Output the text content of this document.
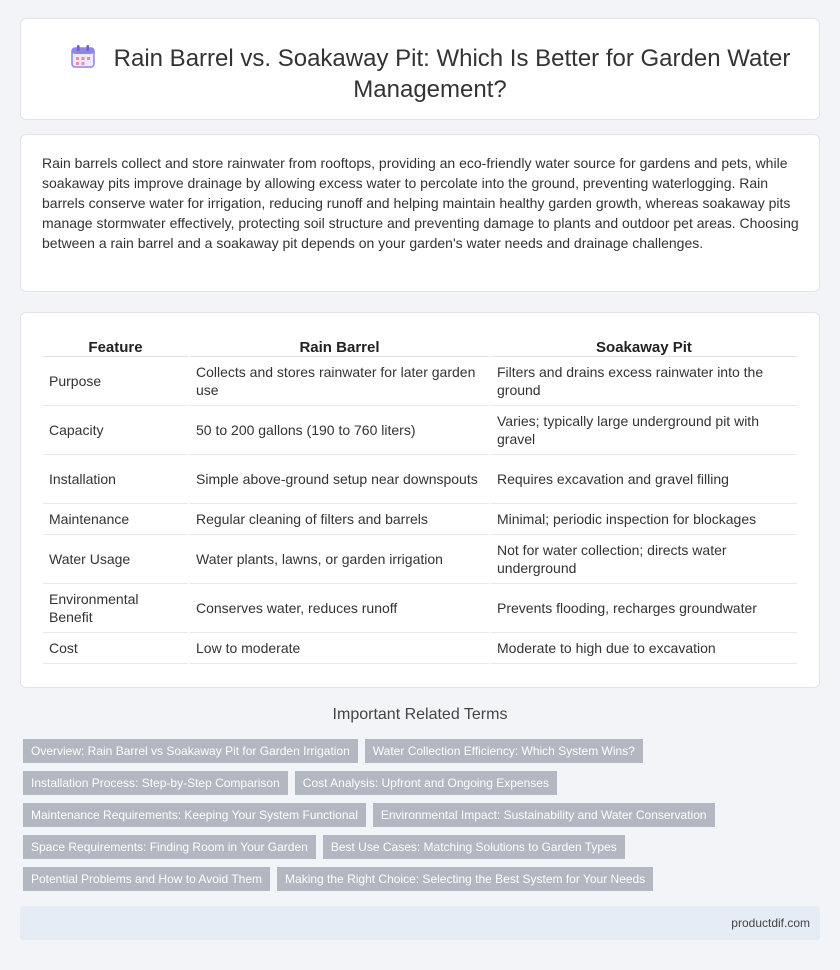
Rain Barrel vs. Soakaway Pit: Which Is Better for Garden Water Management?
Rain barrels collect and store rainwater from rooftops, providing an eco-friendly water source for gardens and pets, while soakaway pits improve drainage by allowing excess water to percolate into the ground, preventing waterlogging. Rain barrels conserve water for irrigation, reducing runoff and helping maintain healthy garden growth, whereas soakaway pits manage stormwater effectively, protecting soil structure and preventing damage to plants and outdoor pet areas. Choosing between a rain barrel and a soakaway pit depends on your garden's water needs and drainage challenges.
Feature	Rain Barrel	Soakaway Pit
Purpose	Collects and stores rainwater for later garden use	Filters and drains excess rainwater into the ground
Capacity	50 to 200 gallons (190 to 760 liters)	Varies; typically large underground pit with gravel
Installation	Simple above-ground setup near downspouts	Requires excavation and gravel filling
Maintenance	Regular cleaning of filters and barrels	Minimal; periodic inspection for blockages
Water Usage	Water plants, lawns, or garden irrigation	Not for water collection; directs water underground
Environmental Benefit	Conserves water, reduces runoff	Prevents flooding, recharges groundwater
Cost	Low to moderate	Moderate to high due to excavation
Important Related Terms
Overview: Rain Barrel vs Soakaway Pit for Garden Irrigation Water Collection Efficiency: Which System Wins?
Installation Process: Step-by-Step Comparison Cost Analysis: Upfront and Ongoing Expenses
Maintenance Requirements: Keeping Your System Functional Environmental Impact: Sustainability and Water Conservation
Space Requirements: Finding Room in Your Garden Best Use Cases: Matching Solutions to Garden Types
Potential Problems and How to Avoid Them Making the Right Choice: Selecting the Best System for Your Needs
productdif.com
